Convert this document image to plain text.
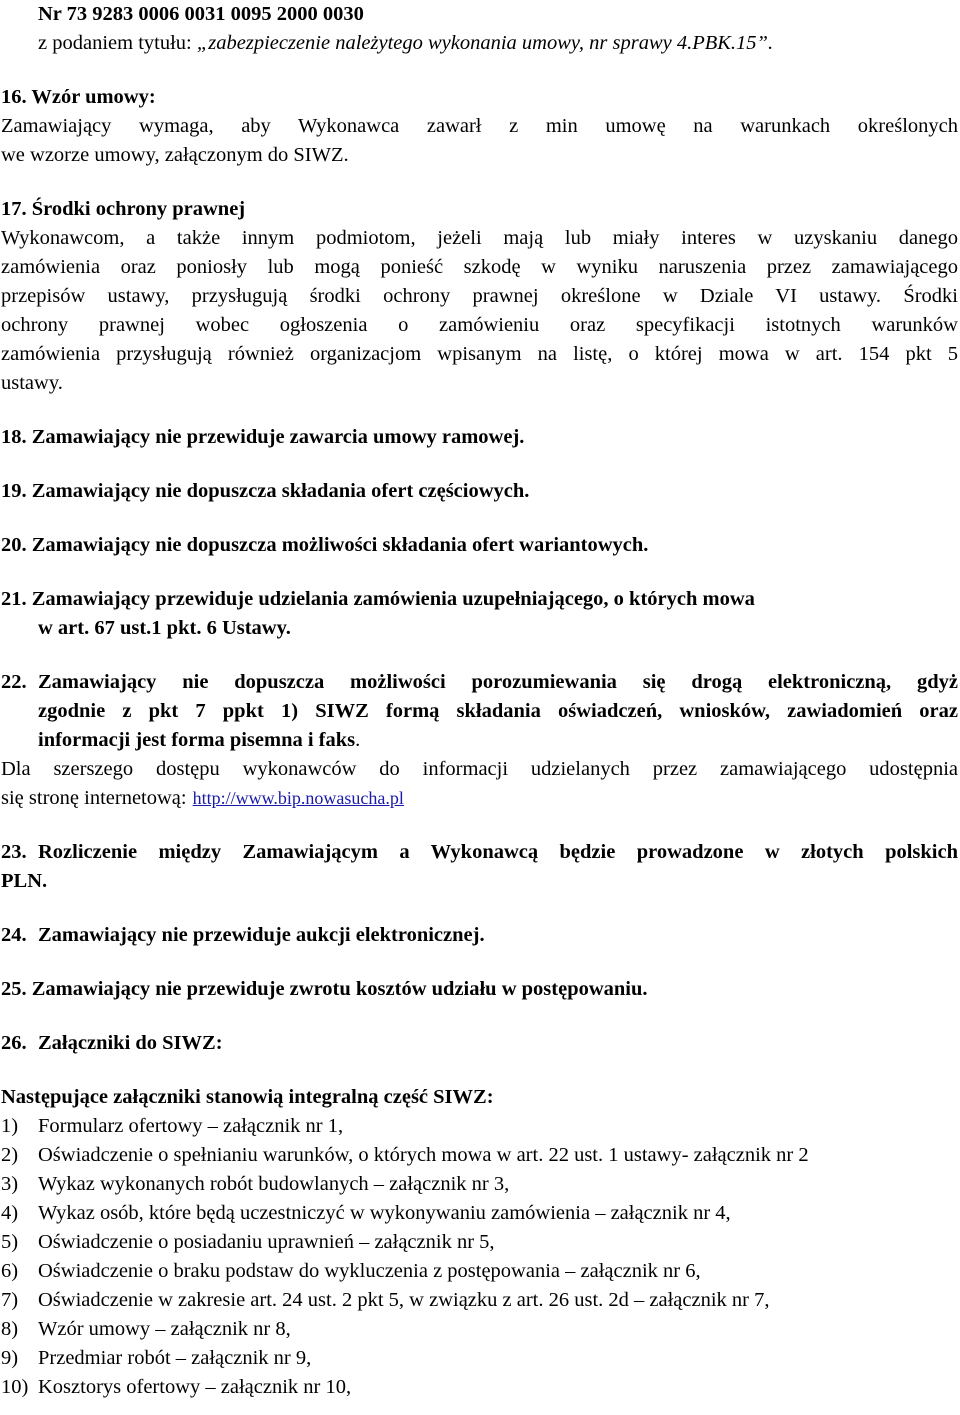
Nr 73 9283 0006 0031 0095 2000 0030
z podaniem tytułu: „zabezpieczenie należytego wykonania umowy, nr sprawy 4.PBK.15”.
16. Wzór umowy:
Zamawiający wymaga, aby Wykonawca zawarł z min umowę na warunkach określonych
we wzorze umowy, załączonym do SIWZ.
17. Środki ochrony prawnej
Wykonawcom, a także innym podmiotom, jeżeli mają lub miały interes w uzyskaniu danego
zamówienia oraz poniosły lub mogą ponieść szkodę w wyniku naruszenia przez zamawiającego
przepisów ustawy, przysługują środki ochrony prawnej określone w Dziale VI ustawy. Środki
ochrony prawnej wobec ogłoszenia o zamówieniu oraz specyfikacji istotnych warunków
zamówienia przysługują również organizacjom wpisanym na listę, o której mowa w art. 154 pkt 5
ustawy.
18. Zamawiający nie przewiduje zawarcia umowy ramowej.
19. Zamawiający nie dopuszcza składania ofert częściowych.
20. Zamawiający nie dopuszcza możliwości składania ofert wariantowych.
21. Zamawiający przewiduje udzielania zamówienia uzupełniającego, o których mowa
w art. 67 ust.1 pkt. 6 Ustawy.
22. Zamawiający nie dopuszcza możliwości porozumiewania się drogą elektroniczną, gdyż
zgodnie z pkt 7 ppkt 1) SIWZ formą składania oświadczeń, wniosków, zawiadomień oraz
informacji jest forma pisemna i faks.
Dla szerszego dostępu wykonawców do informacji udzielanych przez zamawiającego udostępnia
się stronę internetową: http://www.bip.nowasucha.pl
23. Rozliczenie między Zamawiającym a Wykonawcą będzie prowadzone w złotych polskich
PLN.
24. Zamawiający nie przewiduje aukcji elektronicznej.
25. Zamawiający nie przewiduje zwrotu kosztów udziału w postępowaniu.
26. Załączniki do SIWZ:
Następujące załączniki stanowią integralną część SIWZ:
1) Formularz ofertowy – załącznik nr 1,
2) Oświadczenie o spełnianiu warunków, o których mowa w art. 22 ust. 1 ustawy- załącznik nr 2
3) Wykaz wykonanych robót budowlanych – załącznik nr 3,
4) Wykaz osób, które będą uczestniczyć w wykonywaniu zamówienia – załącznik nr 4,
5) Oświadczenie o posiadaniu uprawnień – załącznik nr 5,
6) Oświadczenie o braku podstaw do wykluczenia z postępowania – załącznik nr 6,
7) Oświadczenie w zakresie art. 24 ust. 2 pkt 5, w związku z art. 26 ust. 2d – załącznik nr 7,
8) Wzór umowy – załącznik nr 8,
9) Przedmiar robót – załącznik nr 9,
10) Kosztorys ofertowy – załącznik nr 10,
